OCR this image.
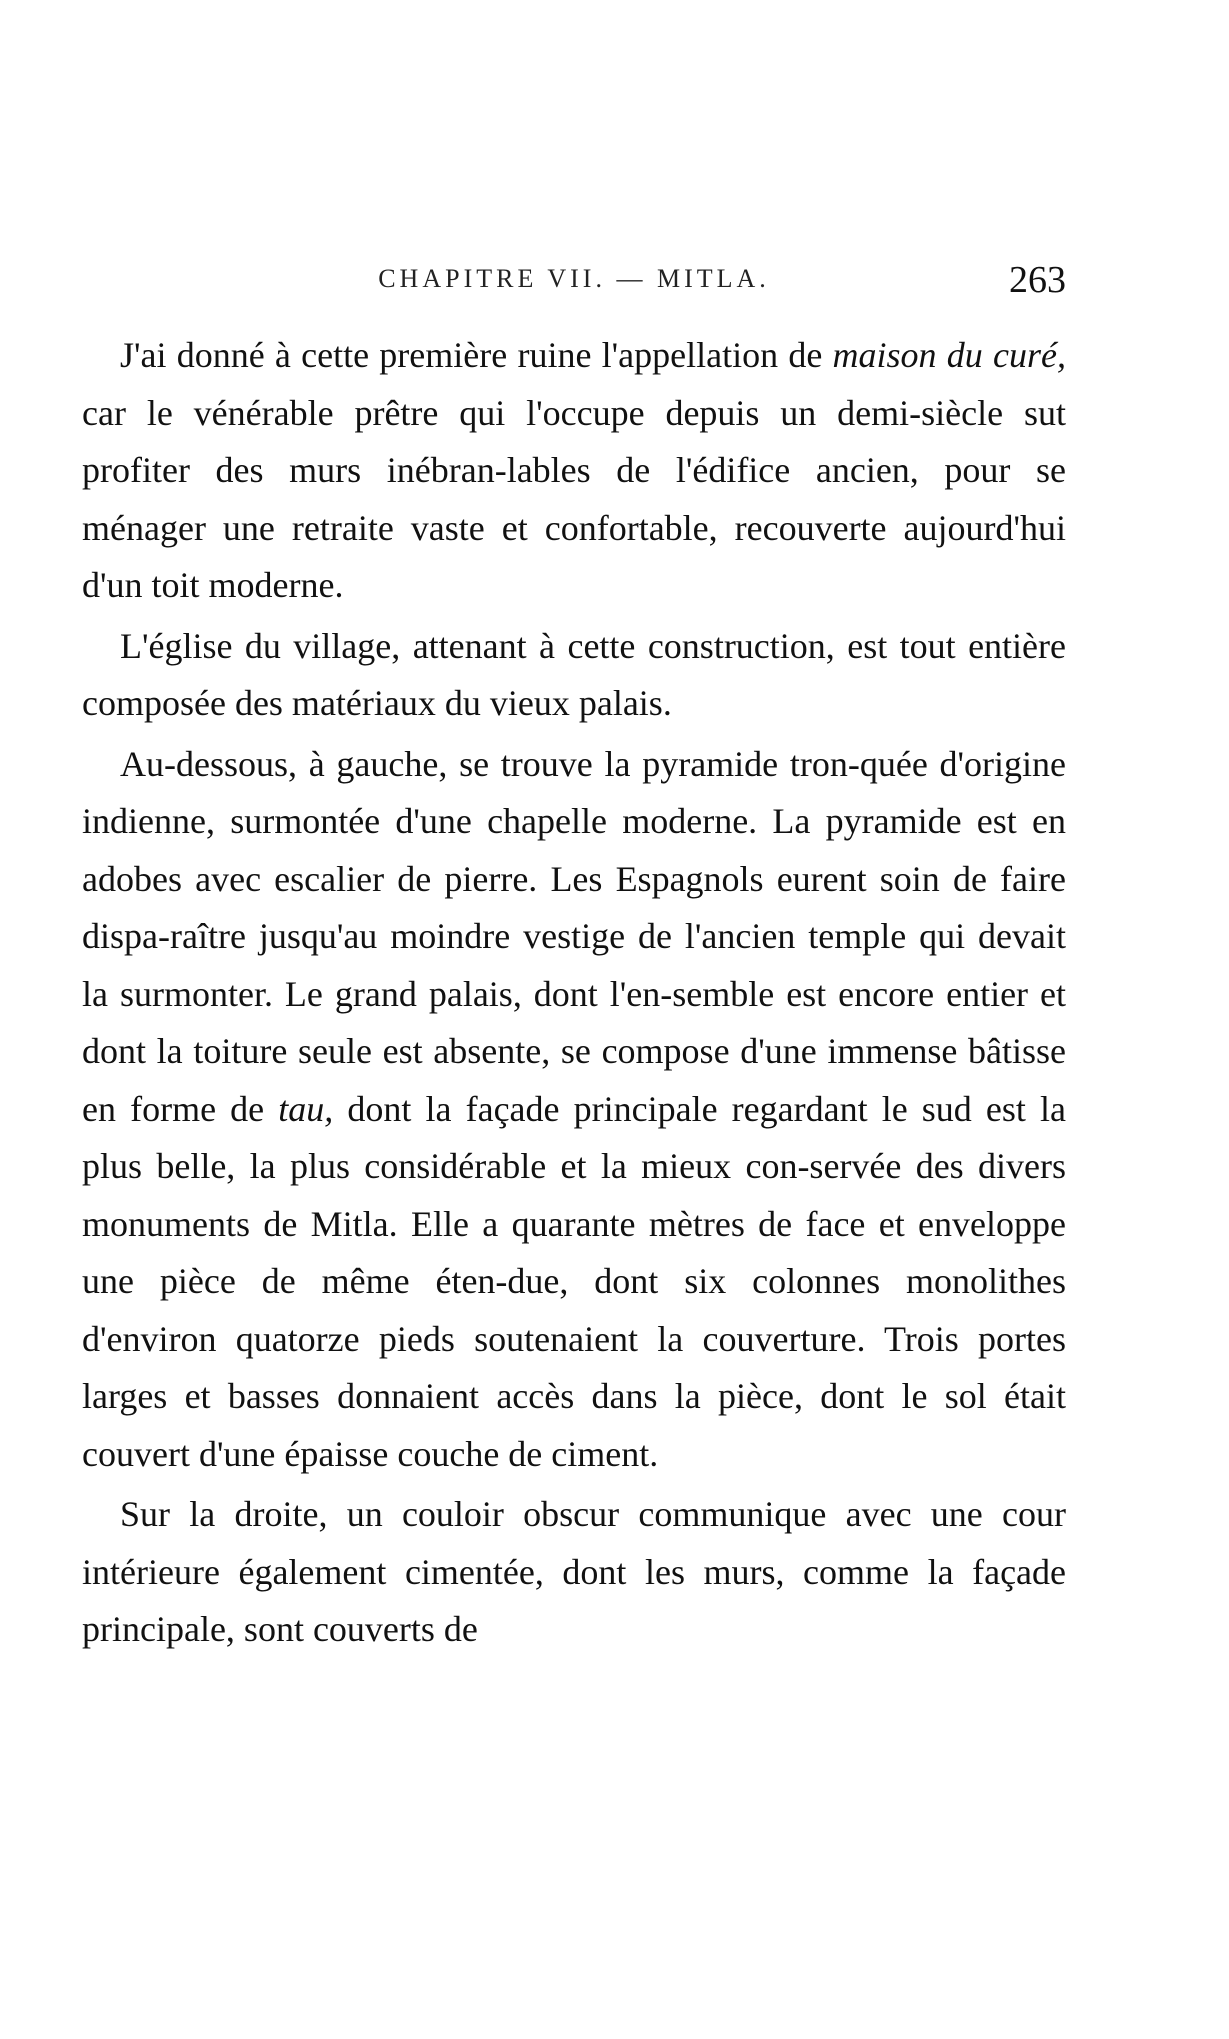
CHAPITRE VII. — MITLA.	263

J'ai donné à cette première ruine l'appellation de maison du curé, car le vénérable prêtre qui l'occupe depuis un demi-siècle sut profiter des murs inébran-lables de l'édifice ancien, pour se ménager une retraite vaste et confortable, recouverte aujourd'hui d'un toit moderne.

L'église du village, attenant à cette construction, est tout entière composée des matériaux du vieux palais.

Au-dessous, à gauche, se trouve la pyramide tron-quée d'origine indienne, surmontée d'une chapelle moderne. La pyramide est en adobes avec escalier de pierre. Les Espagnols eurent soin de faire dispa-raître jusqu'au moindre vestige de l'ancien temple qui devait la surmonter. Le grand palais, dont l'en-semble est encore entier et dont la toiture seule est absente, se compose d'une immense bâtisse en forme de tau, dont la façade principale regardant le sud est la plus belle, la plus considérable et la mieux con-servée des divers monuments de Mitla. Elle a quarante mètres de face et enveloppe une pièce de même éten-due, dont six colonnes monolithes d'environ quatorze pieds soutenaient la couverture. Trois portes larges et basses donnaient accès dans la pièce, dont le sol était couvert d'une épaisse couche de ciment.

Sur la droite, un couloir obscur communique avec une cour intérieure également cimentée, dont les murs, comme la façade principale, sont couverts de
